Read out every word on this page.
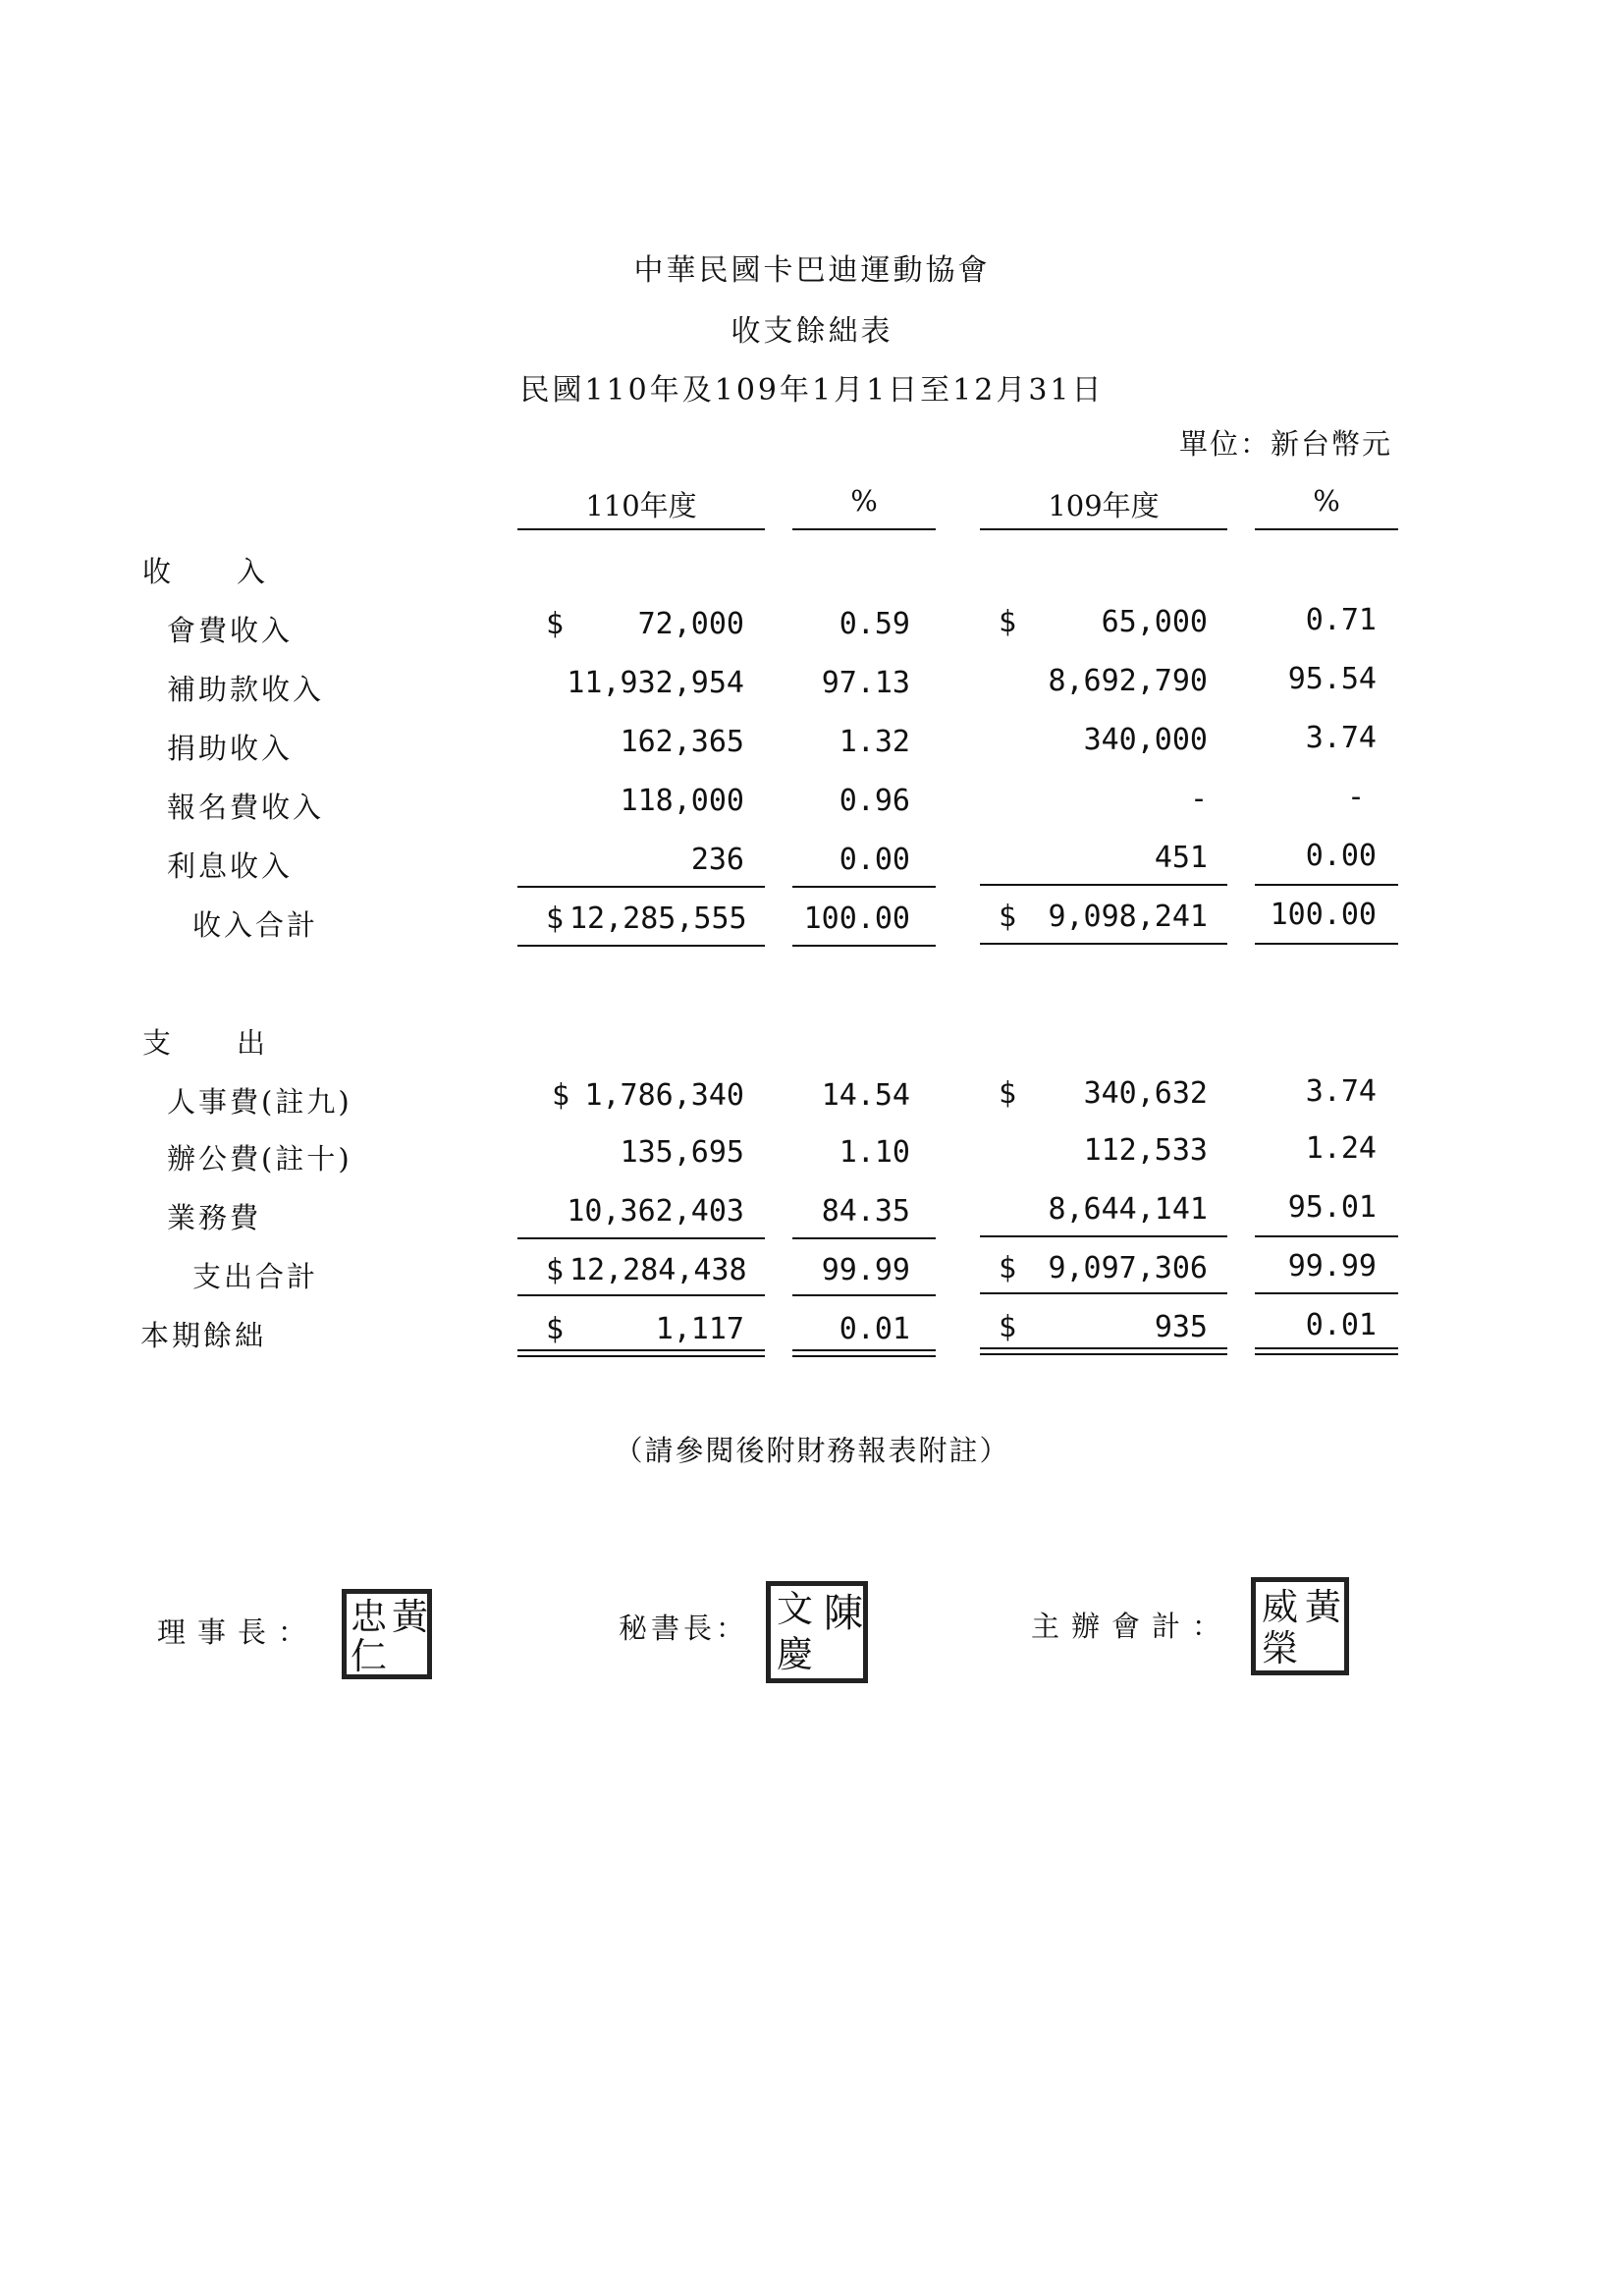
中華民國卡巴迪運動協會
收支餘絀表
民國110年及109年1月1日至12月31日
單位：新台幣元
110年度	%	109年度	%
收　　入
會費收入	$	72,000	0.59	$	65,000	0.71
補助款收入	11,932,954	97.13	8,692,790	95.54
捐助收入	162,365	1.32	340,000	3.74
報名費收入	118,000	0.96	-	-
利息收入	236	0.00	451	0.00
收入合計	$ 12,285,555	100.00	$	9,098,241	100.00
支　　出
人事費(註九)	$ 1,786,340	14.54	$	340,632	3.74
辦公費(註十)	135,695	1.10	112,533	1.24
業務費	10,362,403	84.35	8,644,141	95.01
支出合計	$ 12,284,438	99.99	$	9,097,306	99.99
本期餘絀	$	1,117	0.01	$	935	0.01
（請參閱後附財務報表附註）
理事長： 黃
忠
仁
秘書長： 陳
文
慶
主辦會計： 黃
威
榮
